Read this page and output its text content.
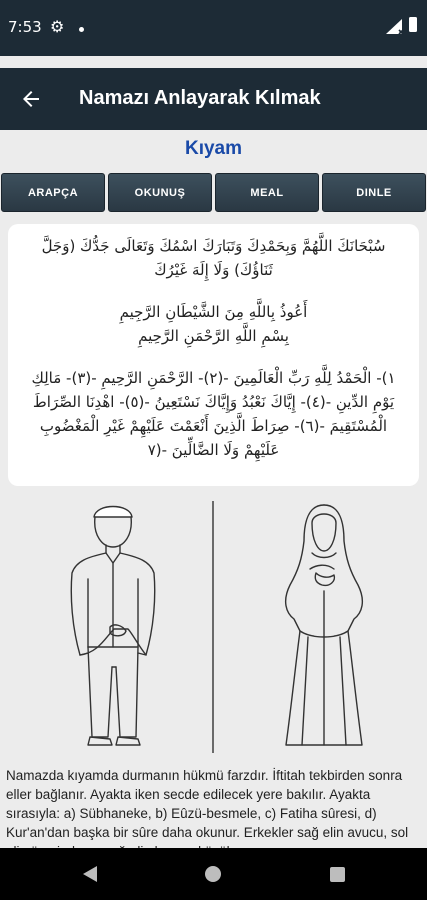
7:53 ⚙
Namazı Anlayarak Kılmak
Kıyam
ARAPÇA	OKUNUŞ	MEAL	DINLE

سُبْحَانَكَ اللَّهُمَّ وَبِحَمْدِكَ وَتَبَارَكَ اسْمُكَ وَتَعَالَى جَدُّكَ (وَجَلَّ ثَنَاؤُكَ) وَلَا إِلَهَ غَيْرُكَ

أَعُوذُ بِاللَّهِ مِنَ الشَّيْطَانِ الرَّجِيمِ

بِسْمِ اللَّهِ الرَّحْمَنِ الرَّحِيمِ

١)- الْحَمْدُ لِلَّهِ رَبِّ الْعَالَمِينَ -(٢)- الرَّحْمَنِ الرَّحِيمِ -(٣)- مَالِكِ يَوْمِ الدِّينِ -(٤)- إِيَّاكَ نَعْبُدُ وَإِيَّاكَ نَسْتَعِينُ -(٥)- اهْدِنَا الصِّرَاطَ الْمُسْتَقِيمَ -(٦)- صِرَاطَ الَّذِينَ أَنْعَمْتَ عَلَيْهِمْ غَيْرِ الْمَغْضُوبِ عَلَيْهِمْ وَلَا الضَّالِّينَ -(٧

Namazda kıyamda durmanın hükmü farzdır. İftitah tekbirden sonra eller bağlanır. Ayakta iken secde edilecek yere bakılır. Ayakta sırasıyla: a) Sübhaneke, b) Eûzü-besmele, c) Fatiha sûresi, d) Kur'an'dan başka bir sûre daha okunur. Erkekler sağ elin avucu, sol
